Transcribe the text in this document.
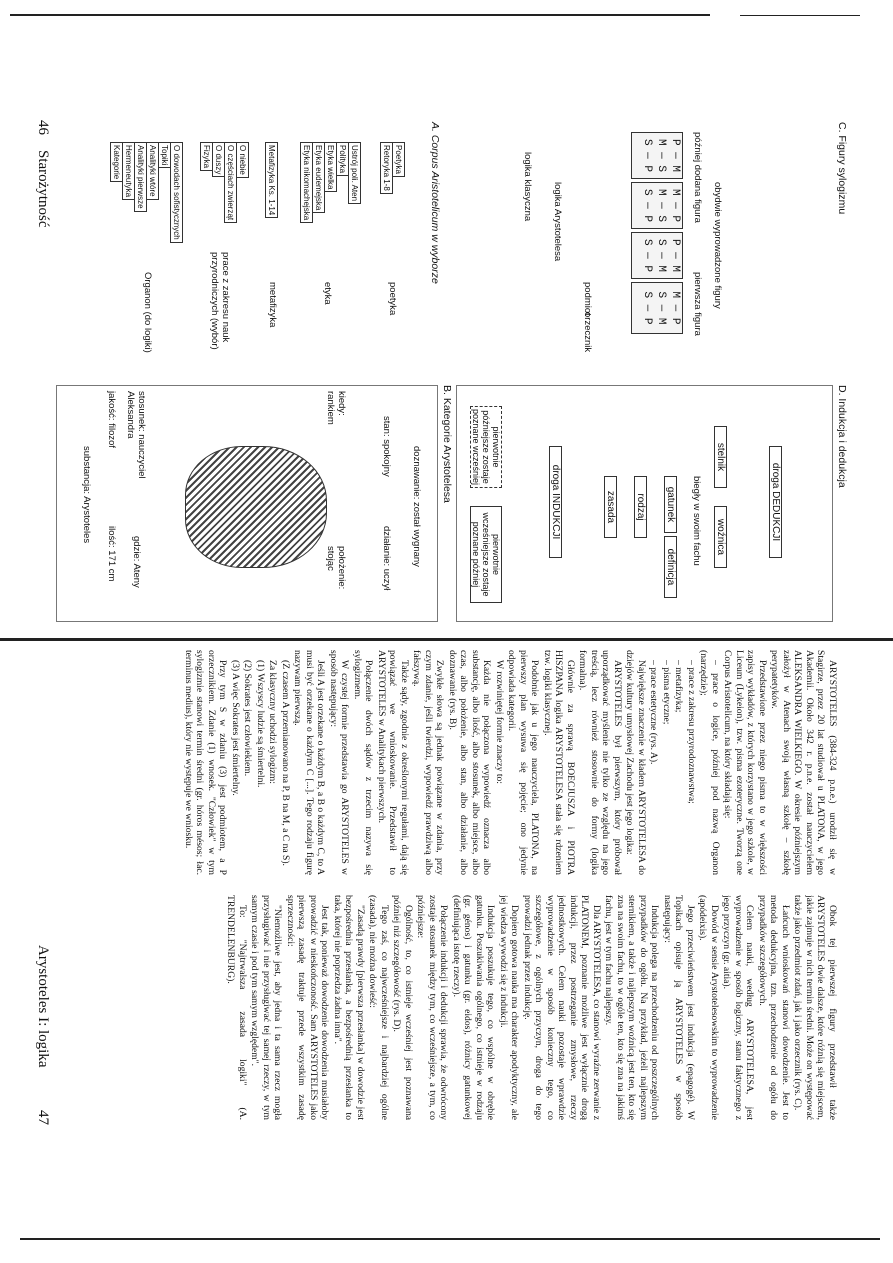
46
Starożytność	Kategorie Hermeneutyka Analityki pierwsze Analityki wtóre Topiki O dowodach sofistycznych
Organon (do logiki)
Fizyka O duszy O częściach zwierząt O niebie
prace z zakresu nauk przyrodniczych (wybór)
Metafizyka Ks. 1-14
metafizyka
Etyka nikomachejska Etyka eudemejska Etyka wielka Polityka Ustrój poli. Aten
etyka
Retoryka 1-8 Poetyka
poetyka
A. Corpus Aristotelicum w wyborze
substancja: Arystoteles
ilość: 171 cm
jakość: filozof
gdzie: Ateny
stosunek: nauczyciel Aleksandra	kiedy: rankiem
położenie: stojąc	działanie: uczył
stan: spokojny doznawanie: został wygnany
B. Kategorie Arystotelesa	pierwotnie późniejsze zostaje poznane wcześniej
pierwotnie wcześniejsze zostaje poznane później
droga INDUKCJI	droga DEDUKCJI
zasada rodzaj
definicja
gatunek biegły w swoim fachu
stelnik
woźnica
D. Indukcja i dedukcja
logika klasyczna logika Arystotelesa
podmiot
orzecznik
M — P
S — M
S — P	pierwsza figura
P — M
S — M
S — P
M — P
M — S
S — P
P — M
M — S
S — P	później dodana figura
obydwie wyprowadzone figury
C. Figury sylogizmu
Arystoteles I: logika
47

ARYSTOTELES (384-324 p.n.e.) urodził się w Stagirze, przez 20 lat studiował u PLATONA, w jego Akademii. Około 342 r. p.n.e. został nauczycielem ALEKSANDRA WIELKIEGO. W okresie późniejszym założył w Atenach swoją własną szkołę – szkołę perypatetyków.

Przedstawione przez niego pisma to w większości zapisy wykładów, z których korzystano w jego szkole, w Liceum (Lykeion), tzw. pisma ezoteryczne. Tworzą one Corpus Aristotelicum, na który składają się:

– prace o logice, później pod nazwą Organon (narzędzie);

– prace z zakresu przyrodoznawstwa;

– metafizyka;

– pisma etyczne;

– prace estetyczne (rys. A).

Największe znaczenie w kładem ARYSTOTELESA do dziejów kultury umysłowej Zachodu jest jego logika:

ARYSTOTELES był pierwszym, który próbował uporządkować myślenie nie tylko ze względu na jego treścią, lecz również stosownie do formy (logika formalna).

Głównie za sprawą BOECJUSZA i PIOTRA HISZPANA logika ARYSTOTELESA stała się rdzeniem tzw. logiki klasycznej.

Podobnie jak u jego nauczyciela, PLATONA, na pierwszy plan wysuwa się pojęcie; ono jedynie odpowiada kategorii.

W rozwiniętej formie znaczy to:

Każda nie połączona wypowiedź oznacza albo substancję, albo ilość, albo stosunek, albo miejsce, albo czas, albo położenie, albo stan, albo działanie, albo doznawanie (rys. B).

Zwykłe słowa są jednak powiązane w zdania, przy czym zdanie, jeśli twierdzi, wypowiedź prawdziwą albo fałszywą.

Także sądy, zgodnie z określonymi regułami, dają się powiązać we wnioskowanie. Przedstawił to ARYSTOTELES w Analitykach pierwszych.

Połączenie dwóch sądów z trzecim nazywa się sylogizmem.

W czystej formie przedstawia go ARYSTOTELES w sposób następujący:

Jeśli A jest orzekane o każdym B, a B o każdym C, to A musi być orzekane o każdym C [...]. Tego rodzaju figurę nazywam pierwszą.

(Z czasem A przemianowano na P, B na M, a C na S).

Za klasyczny uchodzi sylogizm:

(1) Wszyscy ludzie są śmiertelni.

(2) Sokrates jest człowiekiem.

(3) A więc Sokrates jest śmiertelny.

Przy tym S w zdaniu (3) jest podmiotem, a P orzecznikiem. Zdanie (1) wnosek. "Człowiek" w tym sylogizmie stanowi termin średni (gr. hóros mésos; łac. terminus medius), który nie występuje we wniosku.

Obok tej pierwszej figury przedstawił także ARYSTOTELES dwie dalsze, które różnią się miejscem, jakie zajmuje w nich termin średni. Może on występować także jako przedmiot zdań, jak i jako orzecznik (rys. C).

Łańcuch wnioskowań stanowi dowodzenie. Jest to metoda dedukcyjna, tzn. przechodzenie od ogółu do przypadków szczegółowych.

Celem nauki, według ARYSTOTELESA, jest wyprowadzenie w sposób logiczny, stanu faktycznego z jego przyczyn (gr. aitia).

Dowód w sensie Arystotelesowskim to wyprowadzenie (apódeixis).

Jego przeciwieństwem jest indukcja (epagogé). W Topikach opisuje ją ARYSTOTELES w sposób następujący:

Indukcja polega na przechodzeniu od poszczególnych przypadków do ogółu. Na przykład, jeżeli najlepszym sternikiem, a także i najlepszym woźnicą jest ten, kto się zna na swoim fachu, to w ogóle ten, kto się zna na jakimś fachu, jest w tym fachu najlepszy.

Dla ARYSTOTELESA, co stanowi wyraźne zerwanie z PLATONEM, poznanie możliwe jest wyłącznie drogą indukcji, przez postrzeganie zmysłowe, rzeczy jednostkowych. Celem nauki pozostaje wprawdzie wyprowadzenie w sposób konieczny tego, co szczegółowe, z ogólnych przyczyn, droga do tego prowadzi jednak przez indukcję.

Dopiero gotowa nauka ma charakter apodyktyczny, ale jej wiedza wywodzi się z indukcji.

Indukcja poszukuje tego, co wspólne w obrębie gatunku. Poszukiwania ogólnego, co istnieje w rodzaju (gr. génos) i gatunku (gr. eidos), różnicy gatunkowej (definiująca istotę rzeczy).

Połączenie indukcji i dedukcji sprawia, że odwrócony zostaje stosunek między tym, co wcześniejsze, a tym, co późniejsze:

Ogólność, to, co istnieje wcześniej jest poznawana później niż szczegółowość (rys. D).

Tego zaś, co najwcześniejsze i najbardziej ogólne (zasada), nie można dowieść:

"Zasadą prawdy [pierwsza przesłanka] w dowodzie jest bezpośrednia przesłanka, a bezpośrednią przesłanka to taka, której nie poprzedza żadna inna".

Jest tak, ponieważ dowodzenie dowodzenia musiałoby prowadzić w nieskończoność. Sam ARYSTOTELES jako pierwszą zasadę traktuje przede wszystkim zasadę sprzeczności:

"Niemożliwe jest, aby jedna i ta sama rzecz mogła przysługiwać i nie przysługiwać tej samej rzeczy, w tym samym czasie i pod tym samym względem".

To: "Najtrwalsza zasada logiki" (A. TRENDELENBURG).
